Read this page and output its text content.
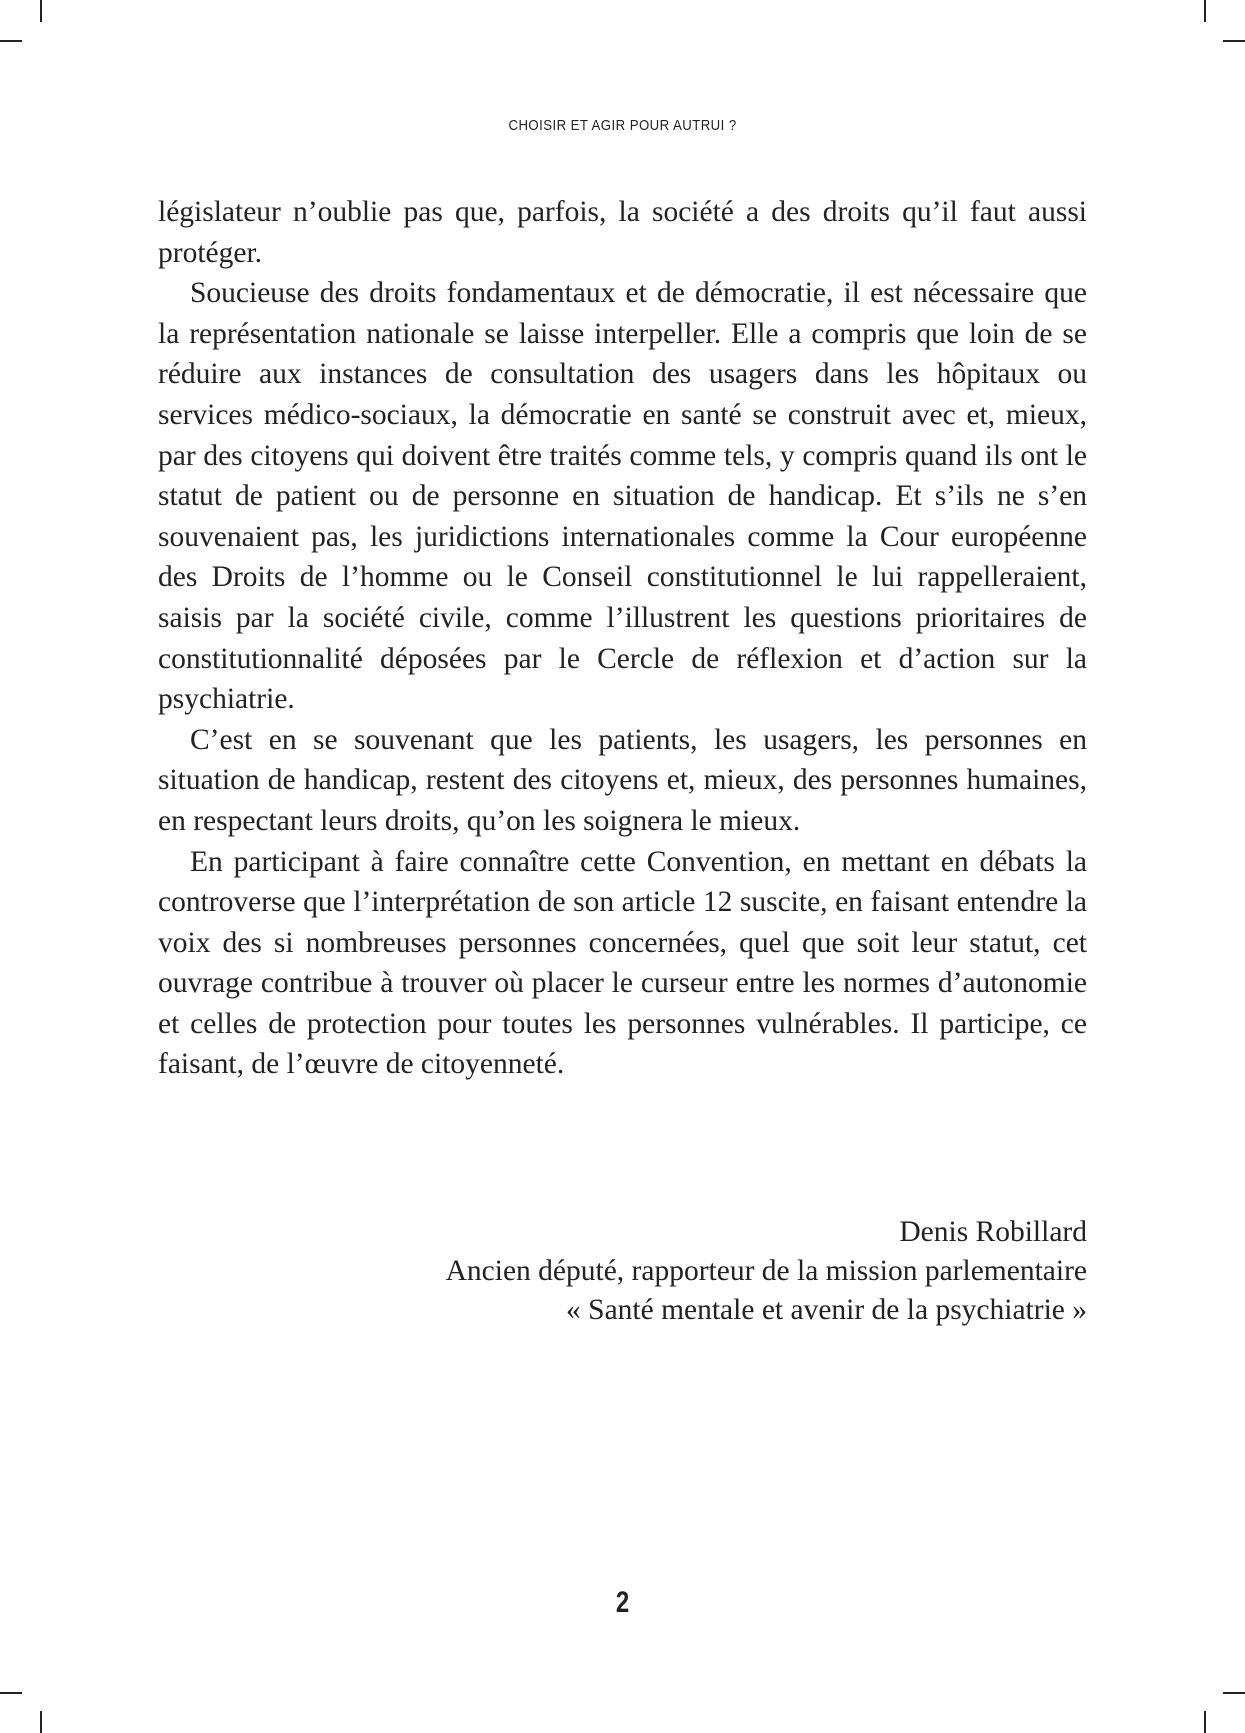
CHOISIR ET AGIR POUR AUTRUI ?

législateur n’oublie pas que, parfois, la société a des droits qu’il faut aussi protéger.

Soucieuse des droits fondamentaux et de démocratie, il est nécessaire que la représentation nationale se laisse interpeller. Elle a compris que loin de se réduire aux instances de consultation des usagers dans les hôpitaux ou services médico-sociaux, la démocratie en santé se construit avec et, mieux, par des citoyens qui doivent être traités comme tels, y compris quand ils ont le statut de patient ou de personne en situation de handicap. Et s’ils ne s’en souvenaient pas, les juridictions internationales comme la Cour européenne des Droits de l’homme ou le Conseil constitutionnel le lui rappelleraient, saisis par la société civile, comme l’illustrent les questions prioritaires de constitutionnalité déposées par le Cercle de réflexion et d’action sur la psychiatrie.

C’est en se souvenant que les patients, les usagers, les personnes en situation de handicap, restent des citoyens et, mieux, des personnes humaines, en respectant leurs droits, qu’on les soignera le mieux.

En participant à faire connaître cette Convention, en mettant en débats la controverse que l’interprétation de son article 12 suscite, en faisant entendre la voix des si nombreuses personnes concernées, quel que soit leur statut, cet ouvrage contribue à trouver où placer le curseur entre les normes d’autonomie et celles de protection pour toutes les personnes vulnérables. Il participe, ce faisant, de l’œuvre de citoyenneté.

Denis Robillard
Ancien député, rapporteur de la mission parlementaire
« Santé mentale et avenir de la psychiatrie »
2
